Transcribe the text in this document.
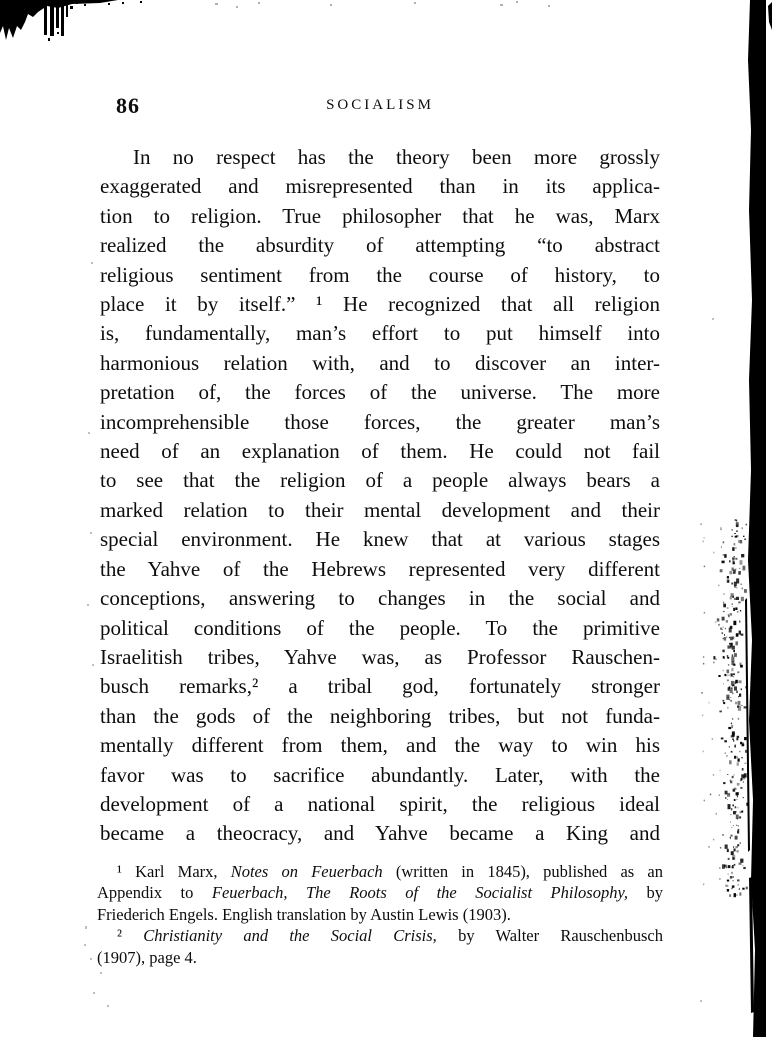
86	SOCIALISM
In no respect has the theory been more grossly
exaggerated and misrepresented than in its applica-
tion to religion. True philosopher that he was, Marx
realized the absurdity of attempting “to abstract
religious sentiment from the course of history, to
place it by itself.” ¹ He recognized that all religion
is, fundamentally, man’s effort to put himself into
harmonious relation with, and to discover an inter-
pretation of, the forces of the universe. The more
incomprehensible those forces, the greater man’s
need of an explanation of them. He could not fail
to see that the religion of a people always bears a
marked relation to their mental development and their
special environment. He knew that at various stages
the Yahve of the Hebrews represented very different
conceptions, answering to changes in the social and
political conditions of the people. To the primitive
Israelitish tribes, Yahve was, as Professor Rauschen-
busch remarks,² a tribal god, fortunately stronger
than the gods of the neighboring tribes, but not funda-
mentally different from them, and the way to win his
favor was to sacrifice abundantly. Later, with the
development of a national spirit, the religious ideal
became a theocracy, and Yahve became a King and
¹ Karl Marx, Notes on Feuerbach (written in 1845), published as an
Appendix to Feuerbach, The Roots of the Socialist Philosophy, by
Friederich Engels. English translation by Austin Lewis (1903).
² Christianity and the Social Crisis, by Walter Rauschenbusch
(1907), page 4.
